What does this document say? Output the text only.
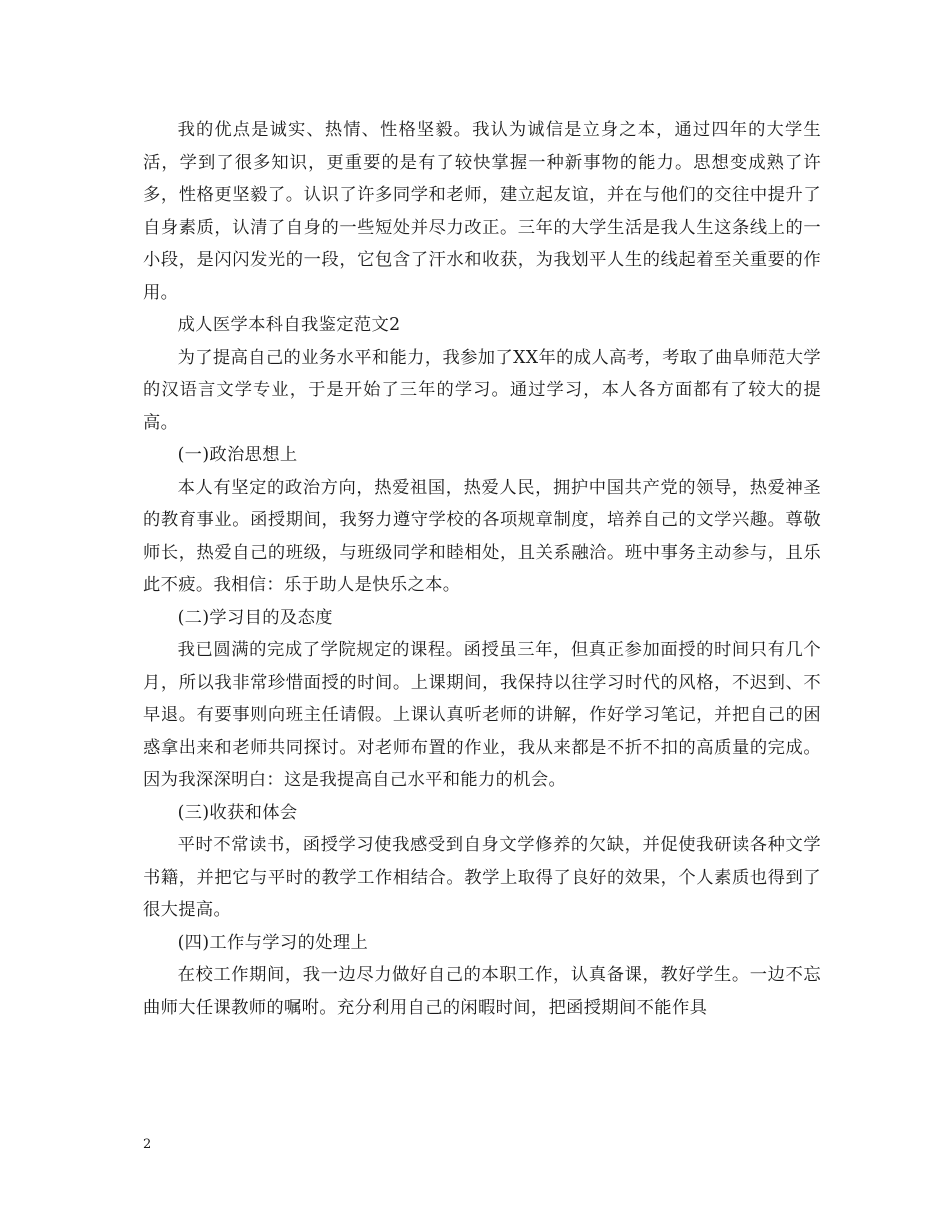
我的优点是诚实、热情、性格坚毅。我认为诚信是立身之本，通过四年的大学生活，学到了很多知识，更重要的是有了较快掌握一种新事物的能力。思想变成熟了许多，性格更坚毅了。认识了许多同学和老师，建立起友谊，并在与他们的交往中提升了自身素质，认清了自身的一些短处并尽力改正。三年的大学生活是我人生这条线上的一小段，是闪闪发光的一段，它包含了汗水和收获，为我划平人生的线起着至关重要的作用。

成人医学本科自我鉴定范文2

为了提高自己的业务水平和能力，我参加了XX年的成人高考，考取了曲阜师范大学的汉语言文学专业，于是开始了三年的学习。通过学习，本人各方面都有了较大的提高。

(一)政治思想上

本人有坚定的政治方向，热爱祖国，热爱人民，拥护中国共产党的领导，热爱神圣的教育事业。函授期间，我努力遵守学校的各项规章制度，培养自己的文学兴趣。尊敬师长，热爱自己的班级，与班级同学和睦相处，且关系融洽。班中事务主动参与，且乐此不疲。我相信：乐于助人是快乐之本。

(二)学习目的及态度

我已圆满的完成了学院规定的课程。函授虽三年，但真正参加面授的时间只有几个月，所以我非常珍惜面授的时间。上课期间，我保持以往学习时代的风格，不迟到、不早退。有要事则向班主任请假。上课认真听老师的讲解，作好学习笔记，并把自己的困惑拿出来和老师共同探讨。对老师布置的作业，我从来都是不折不扣的高质量的完成。因为我深深明白：这是我提高自己水平和能力的机会。

(三)收获和体会

平时不常读书，函授学习使我感受到自身文学修养的欠缺，并促使我研读各种文学书籍，并把它与平时的教学工作相结合。教学上取得了良好的效果，个人素质也得到了很大提高。

(四)工作与学习的处理上

在校工作期间，我一边尽力做好自己的本职工作，认真备课，教好学生。一边不忘曲师大任课教师的嘱咐。充分利用自己的闲暇时间，把函授期间不能作具

2
